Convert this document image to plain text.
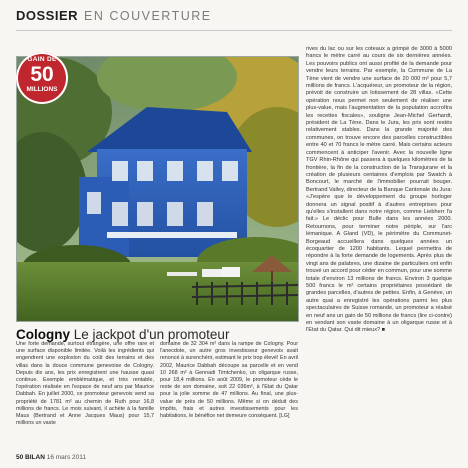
DOSSIER EN COUVERTURE
GAIN DE
50
MILLIONS
Cologny Le jackpot d'un promoteur
Une forte demande, surtout étrangère, une offre rare et une surface disponible limitée. Voilà les ingrédients qui engendrent une explosion du coût des terrains et des villas dans la douce commune genevoise de Cologny. Depuis dix ans, les prix enregistrent une hausse quasi continue. Exemple emblématique, et très rentable, l'opération réalisée en l'espace de neuf ans par Maurice Dabbah. En juillet 2000, ce promoteur genevois vend sa propriété de 1781 m² au chemin de Ruth pour 16,8 millions de francs. Le mois suivant, il achète à la famille Maus (Bertrand et Anne Jacques Maus) pour 15,7 millions un vaste
domaine de 32 304 m² dans la rampe de Cologny. Pour l'anecdote, un autre gros investisseur genevois avait renoncé à surenchérir, estimant le prix trop élevé! En avril 2002, Maurice Dabbah découpe sa parcelle et en vend 10 268 m² à Gennadi Timtchenko, un oligarque russe, pour 18,4 millions. En août 2009, le promoteur cède le reste de son domaine, soit 22 036m², à l'Etat du Qatar pour la jolie somme de 47 millions. Au final, une plus-value de près de 50 millions. Même si on déduit des impôts, frais et autres investissements pour les habitations, le bénéfice net demeure conséquent. [LG]
rives du lac ou sur les coteaux a grimpé de 3000 à 5000 francs le mètre carré au cours de six dernières années. Les pouvoirs publics ont aussi profité de la demande pour vendre leurs terrains. Par exemple, la Commune de La Tène vient de vendre une surface de 20 000 m² pour 5,7 millions de francs. L'acquéreur, un promoteur de la région, prévoit de construire un lotissement de 28 villas. «Cette opération nous permet non seulement de réaliser une plus-value, mais l'augmentation de la population accroîtra les recettes fiscales», souligne Jean-Michel Gerhardt, président de La Tène. Dans le Jura, les prix sont restés relativement stables. Dans la grande majorité des communes, on trouve encore des parcelles constructibles entre 40 et 70 francs le mètre carré. Mais certains acteurs commencent à anticiper l'avenir. Avec la nouvelle ligne TGV Rhin-Rhône qui passera à quelques kilomètres de la frontière, la fin de la construction de la Transjurane et la création de plusieurs centaines d'emplois par Swatch à Boncourt, le marché de l'immobilier pourrait bouger. Bertrand Valley, directeur de la Banque Cantonale du Jura: «J'espère que le développement du groupe horloger donnera un signal positif à d'autres entreprises pour qu'elles s'installent dans notre région, comme Liebherr l'a fait.» Le déclic pour Bulle dans les années 2000. Retournons, pour terminer notre périple, sur l'arc lémanique. A Gland (VD), le périmètre du Communet-Borgeaud accueillera dans quelques années un écoquartier de 1200 habitants. Lequel permettra de répondre à la forte demande de logements. Après plus de vingt ans de palabres, une dizaine de particuliers ont enfin trouvé un accord pour céder en commun, pour une somme totale d'environ 13 millions de francs. Environ 3 quelque 500 francs le m² certains propriétaires possédant de grandes parcelles, d'autres de petites. Enfin, à Genève, un autre quai a enregistré les opérations parmi les plus spectaculaires de Suisse romande, un promoteur a réalisé en neuf ans un gain de 50 millions de francs (lire ci-contre) en vendant son vaste domaine à un oligarque russe et à l'Etat du Qatar. Qui dit mieux? ■
50 BILAN 16 mars 2011
